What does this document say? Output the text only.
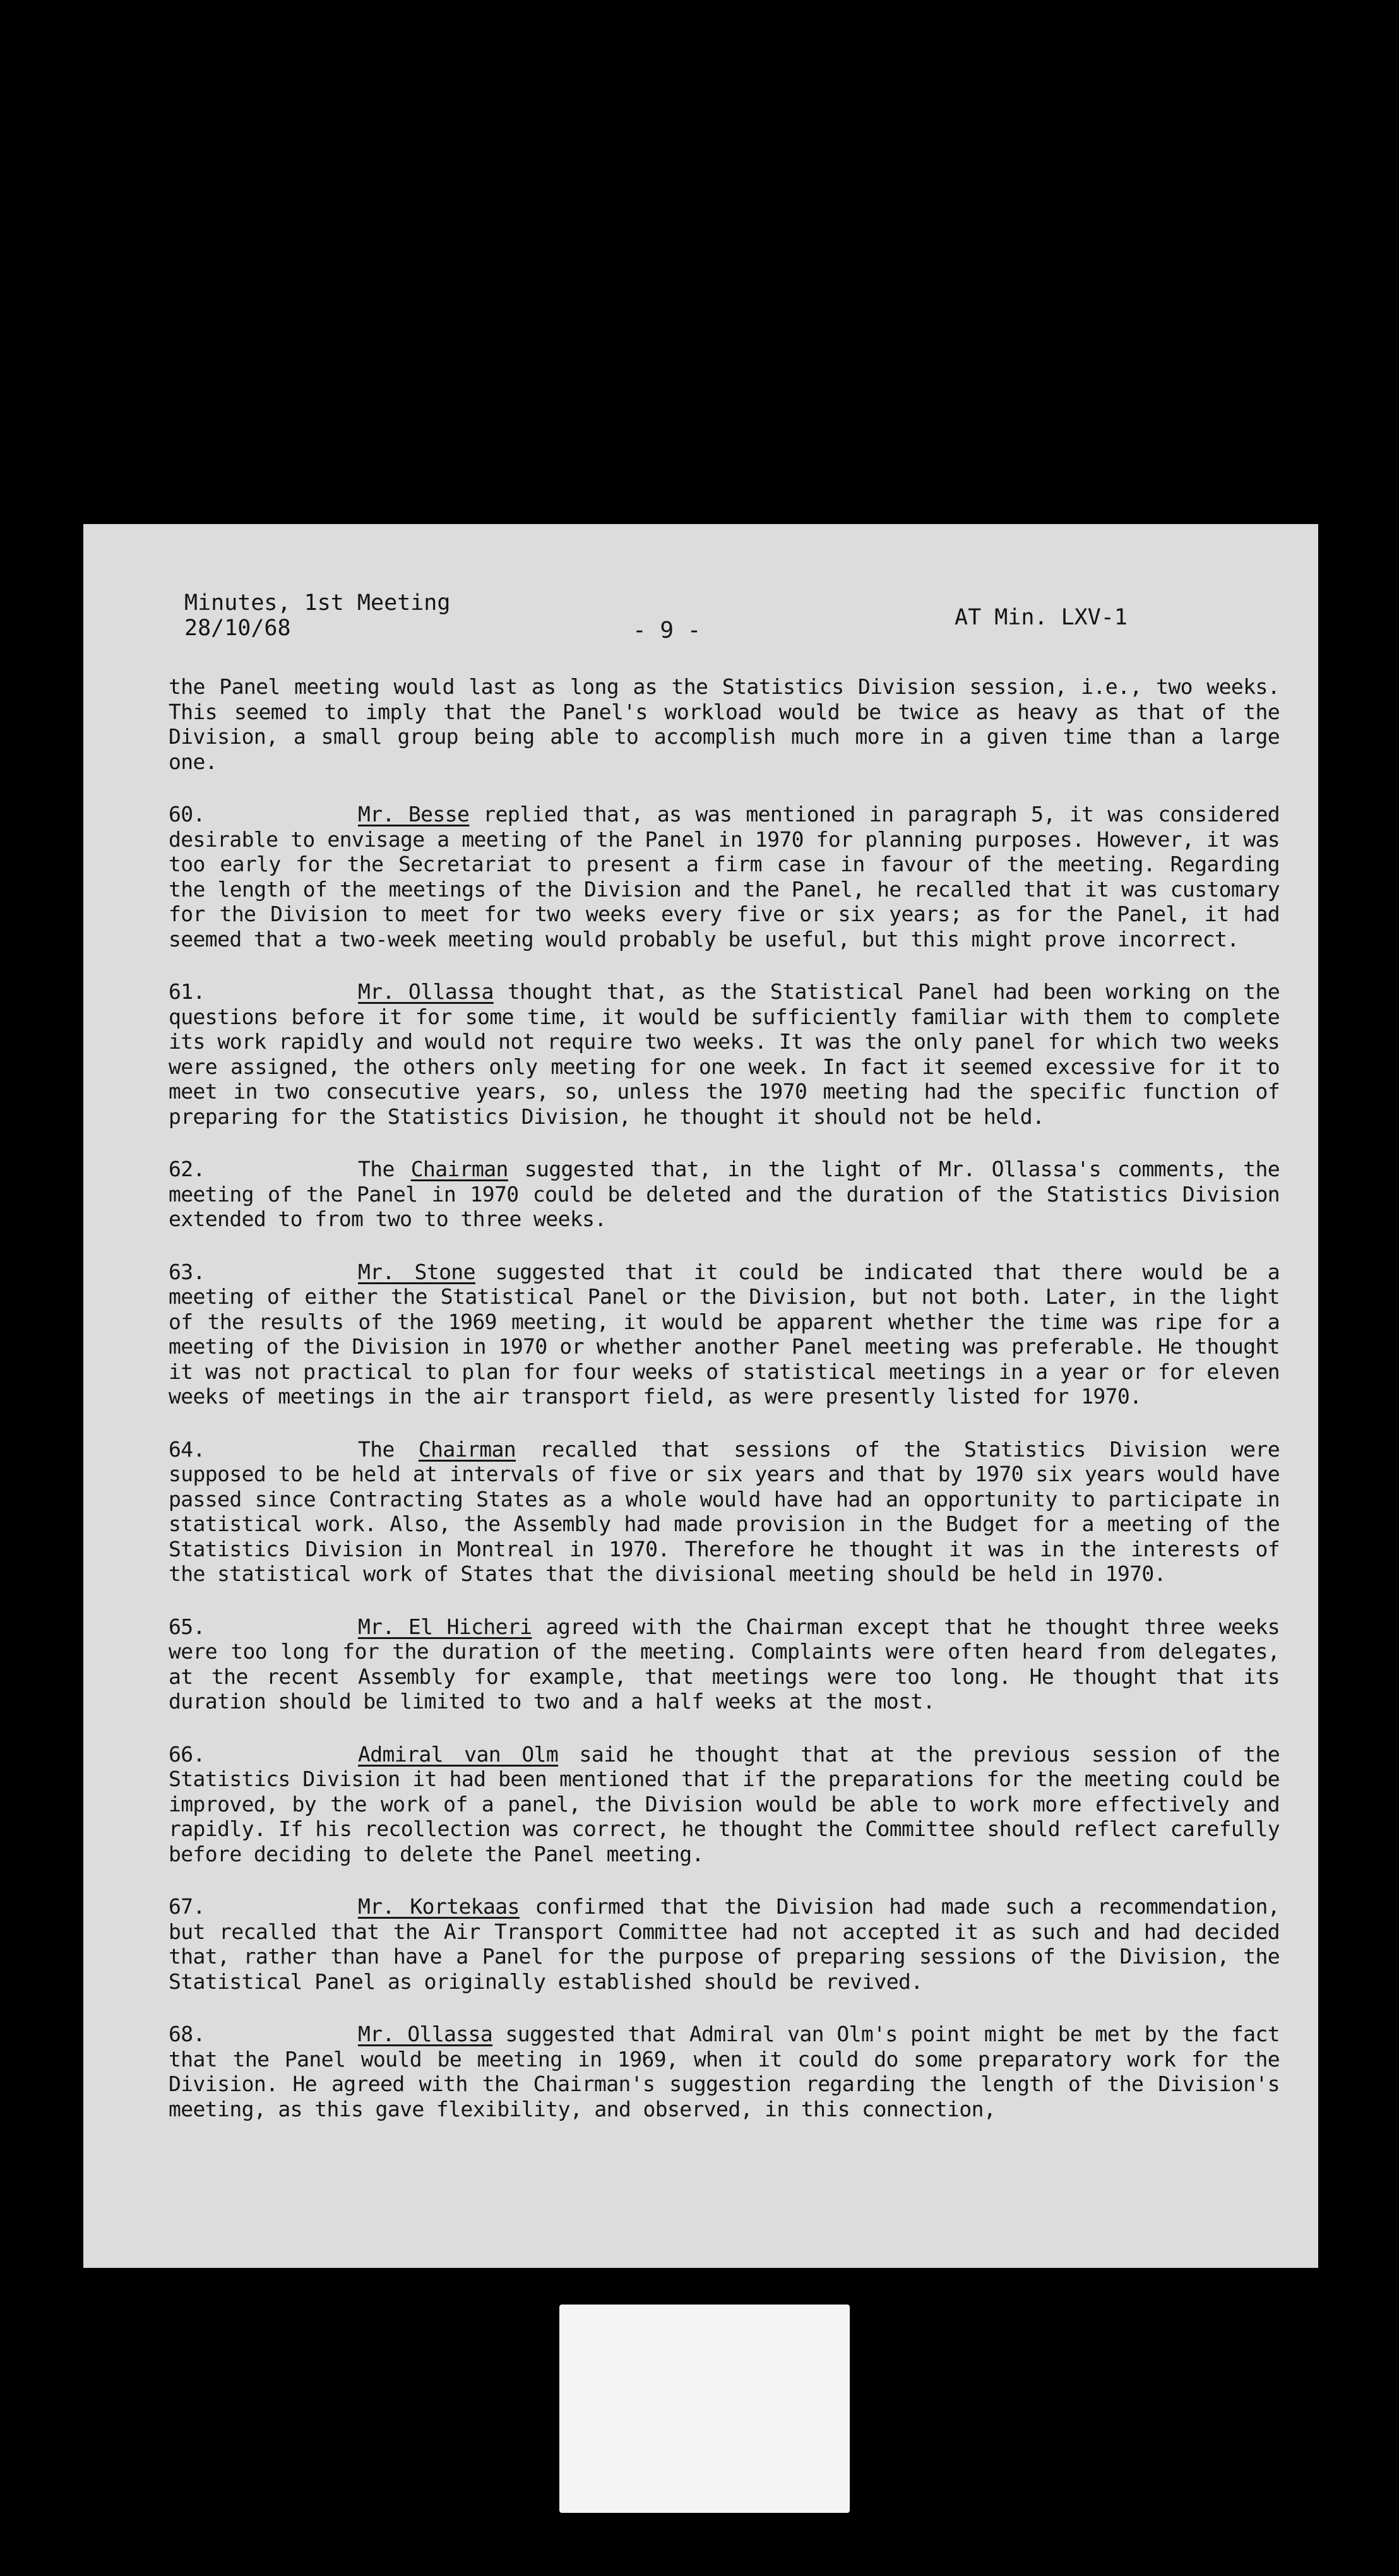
Minutes, 1st Meeting
28/10/68	- 9 -	AT Min. LXV-1

the Panel meeting would last as long as the Statistics Division session, i.e., two weeks. This seemed to imply that the Panel's workload would be twice as heavy as that of the Division, a small group being able to accomplish much more in a given time than a large one.

60.	Mr. Besse replied that, as was mentioned in paragraph 5, it was considered desirable to envisage a meeting of the Panel in 1970 for planning purposes. However, it was too early for the Secretariat to present a firm case in favour of the meeting. Regarding the length of the meetings of the Division and the Panel, he recalled that it was customary for the Division to meet for two weeks every five or six years; as for the Panel, it had seemed that a two-week meeting would probably be useful, but this might prove incorrect.

61.	Mr. Ollassa thought that, as the Statistical Panel had been working on the questions before it for some time, it would be sufficiently familiar with them to complete its work rapidly and would not require two weeks. It was the only panel for which two weeks were assigned, the others only meeting for one week. In fact it seemed excessive for it to meet in two consecutive years, so, unless the 1970 meeting had the specific function of preparing for the Statistics Division, he thought it should not be held.

62.	The Chairman suggested that, in the light of Mr. Ollassa's comments, the meeting of the Panel in 1970 could be deleted and the duration of the Statistics Division extended to from two to three weeks.

63.	Mr. Stone suggested that it could be indicated that there would be a meeting of either the Statistical Panel or the Division, but not both. Later, in the light of the results of the 1969 meeting, it would be apparent whether the time was ripe for a meeting of the Division in 1970 or whether another Panel meeting was preferable. He thought it was not practical to plan for four weeks of statistical meetings in a year or for eleven weeks of meetings in the air transport field, as were presently listed for 1970.

64.	The Chairman recalled that sessions of the Statistics Division were supposed to be held at intervals of five or six years and that by 1970 six years would have passed since Contracting States as a whole would have had an opportunity to participate in statistical work. Also, the Assembly had made provision in the Budget for a meeting of the Statistics Division in Montreal in 1970. Therefore he thought it was in the interests of the statistical work of States that the divisional meeting should be held in 1970.

65.	Mr. El Hicheri agreed with the Chairman except that he thought three weeks were too long for the duration of the meeting. Complaints were often heard from delegates, at the recent Assembly for example, that meetings were too long. He thought that its duration should be limited to two and a half weeks at the most.

66.	Admiral van Olm said he thought that at the previous session of the Statistics Division it had been mentioned that if the preparations for the meeting could be improved, by the work of a panel, the Division would be able to work more effectively and rapidly. If his recollection was correct, he thought the Committee should reflect carefully before deciding to delete the Panel meeting.

67.	Mr. Kortekaas confirmed that the Division had made such a recommendation, but recalled that the Air Transport Committee had not accepted it as such and had decided that, rather than have a Panel for the purpose of preparing sessions of the Division, the Statistical Panel as originally established should be revived.

68.	Mr. Ollassa suggested that Admiral van Olm's point might be met by the fact that the Panel would be meeting in 1969, when it could do some preparatory work for the Division. He agreed with the Chairman's suggestion regarding the length of the Division's meeting, as this gave flexibility, and observed, in this connection,
